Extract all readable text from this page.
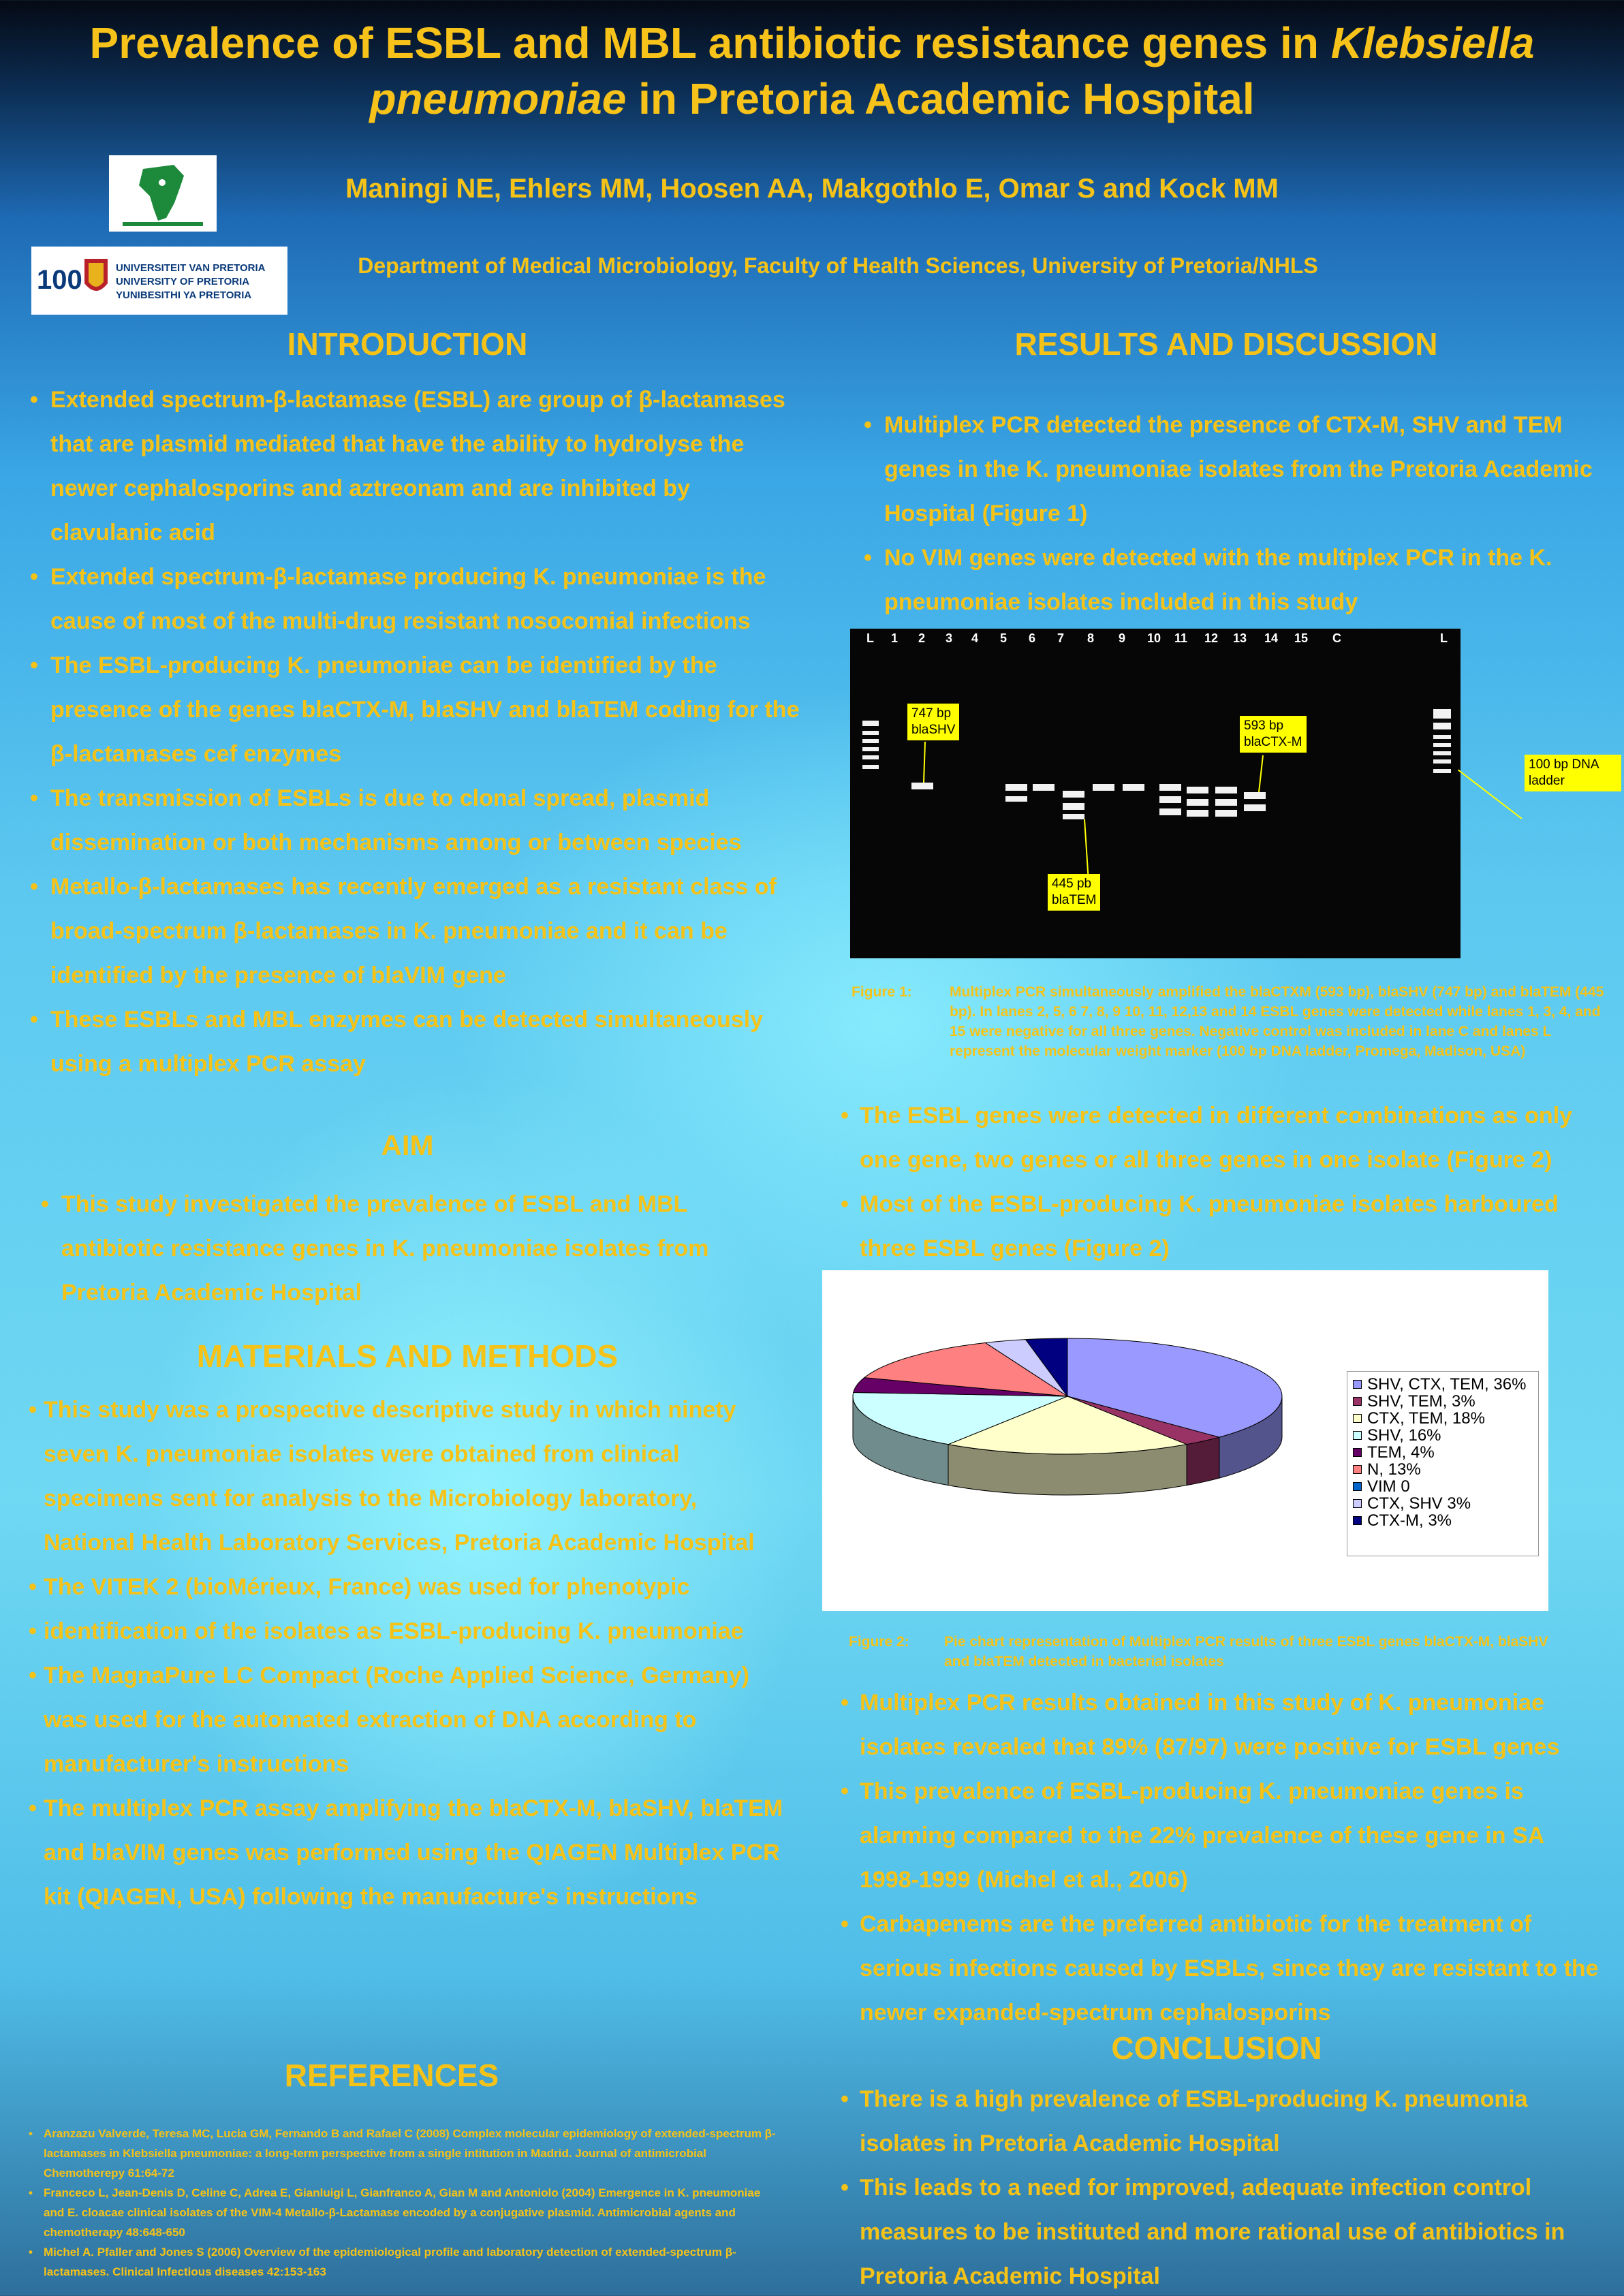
Prevalence of ESBL and MBL antibiotic resistance genes in Klebsiella pneumoniae in Pretoria Academic Hospital
100	UNIVERSITEIT VAN PRETORIA
UNIVERSITY OF PRETORIA
YUNIBESITHI YA PRETORIA
Maningi NE, Ehlers MM, Hoosen AA, Makgothlo E, Omar S and Kock MM
Department of Medical Microbiology, Faculty of Health Sciences, University of Pretoria/NHLS
INTRODUCTION
• Extended spectrum-β-lactamase (ESBL) are group of β-lactamases that are plasmid mediated that have the ability to hydrolyse the newer cephalosporins and aztreonam and are inhibited by clavulanic acid
• Extended spectrum-β-lactamase producing K. pneumoniae is the cause of most of the multi-drug resistant nosocomial infections
• The ESBL-producing K. pneumoniae can be identified by the presence of the genes blaCTX-M, blaSHV and blaTEM coding for the β-lactamases cef enzymes
• The transmission of ESBLs is due to clonal spread, plasmid dissemination or both mechanisms among or between species
• Metallo-β-lactamases has recently emerged as a resistant class of broad-spectrum β-lactamases in K. pneumoniae and it can be identified by the presence of blaVIM gene
• These ESBLs and MBL enzymes can be detected simultaneously using a multiplex PCR assay
AIM
• This study investigated the prevalence of ESBL and MBL antibiotic resistance genes in K. pneumoniae isolates from Pretoria Academic Hospital
MATERIALS AND METHODS
• This study was a prospective descriptive study in which ninety seven K. pneumoniae isolates were obtained from clinical specimens sent for analysis to the Microbiology laboratory, National Health Laboratory Services, Pretoria Academic Hospital
• The VITEK 2 (bioMérieux, France) was used for phenotypic
• identification of the isolates as ESBL-producing K. pneumoniae
• The MagnaPure LC Compact (Roche Applied Science, Germany) was used for the automated extraction of DNA according to manufacturer's instructions
• The multiplex PCR assay amplifying the blaCTX-M, blaSHV, blaTEM and blaVIM genes was performed using the QIAGEN Multiplex PCR kit (QIAGEN, USA) following the manufacture's instructions
REFERENCES
• Aranzazu Valverde, Teresa MC, Lucia GM, Fernando B and Rafael C (2008) Complex molecular epidemiology of extended-spectrum β-lactamases in Klebsiella pneumoniae: a long-term perspective from a single intitution in Madrid. Journal of antimicrobial Chemotherepy 61:64-72
• Franceco L, Jean-Denis D, Celine C, Adrea E, Gianluigi L, Gianfranco A, Gian M and Antoniolo (2004) Emergence in K. pneumoniae and E. cloacae clinical isolates of the VIM-4 Metallo-β-Lactamase encoded by a conjugative plasmid. Antimicrobial agents and chemotherapy 48:648-650
• Michel A. Pfaller and Jones S (2006) Overview of the epidemiological profile and laboratory detection of extended-spectrum β-lactamases. Clinical Infectious diseases 42:153-163
RESULTS AND DISCUSSION
• Multiplex PCR detected the presence of CTX-M, SHV and TEM genes in the K. pneumoniae isolates from the Pretoria Academic Hospital (Figure 1)
• No VIM genes were detected with the multiplex PCR in the K. pneumoniae isolates included in this study
L 1 2 3 4 5 6 7 8 9 10 11 12 13 14 15 C	L
747 bp
blaSHV	593 bp
blaCTX-M
445 pb
blaTEM
100 bp DNA ladder
Figure 1:	Multiplex PCR simultaneously amplified the blaCTXM (593 bp), blaSHV (747 bp) and blaTEM (445 bp). In lanes 2, 5, 6 7, 8, 9 10, 11, 12,13 and 14 ESBL genes were detected while lanes 1, 3, 4, and 15 were negative for all three genes. Negative control was included in lane C and lanes L represent the molecular weight marker (100 bp DNA ladder, Promega, Madison, USA)
• The ESBL genes were detected in different combinations as only one gene, two genes or all three genes in one isolate (Figure 2)
• Most of the ESBL-producing K. pneumoniae isolates harboured three ESBL genes (Figure 2)
SHV, CTX, TEM, 36%
SHV, TEM, 3%
CTX, TEM, 18%
SHV, 16%
TEM, 4%
N, 13%
VIM 0
CTX, SHV 3%
CTX-M, 3%
Figure 2:	Pie chart representation of Multiplex PCR results of three ESBL genes blaCTX-M, blaSHV and blaTEM detected in bacterial isolates
• Multiplex PCR results obtained in this study of K. pneumoniae isolates revealed that 89% (87/97) were positive for ESBL genes
• This prevalence of ESBL-producing K. pneumoniae genes is alarming compared to the 22% prevalence of these gene in SA 1998-1999 (Michel et al., 2006)
• Carbapenems are the preferred antibiotic for the treatment of serious infections caused by ESBLs, since they are resistant to the newer expanded-spectrum cephalosporins
CONCLUSION
• There is a high prevalence of ESBL-producing K. pneumonia isolates in Pretoria Academic Hospital
• This leads to a need for improved, adequate infection control measures to be instituted and more rational use of antibiotics in Pretoria Academic Hospital
